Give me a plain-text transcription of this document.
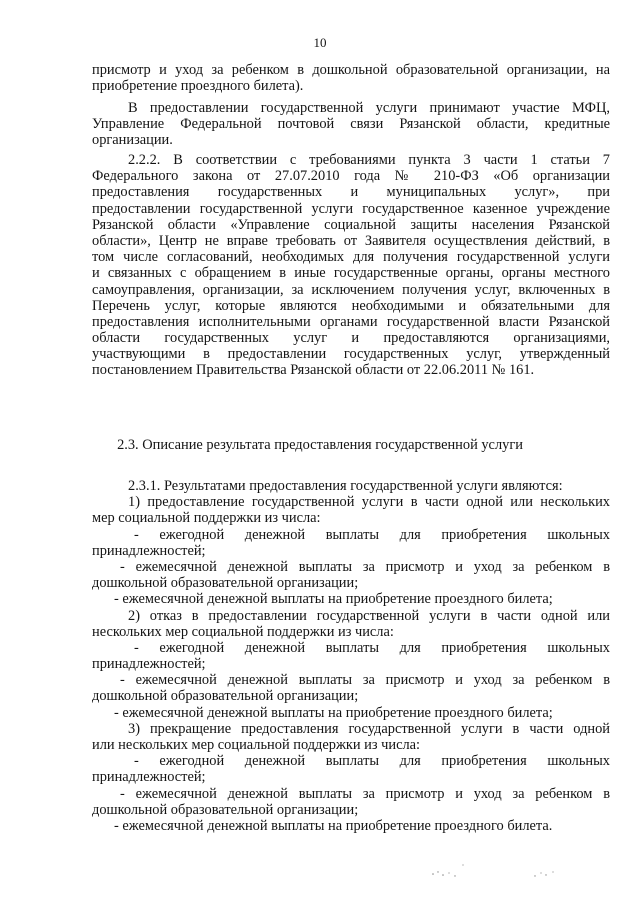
10
присмотр и уход за ребенком в дошкольной образовательной организации, на
приобретение проездного билета).
В предоставлении государственной услуги принимают участие МФЦ,
Управление Федеральной почтовой связи Рязанской области, кредитные
организации.
2.2.2. В соответствии с требованиями пункта 3 части 1 статьи 7
Федерального закона от 27.07.2010 года № 210-ФЗ «Об организации
предоставления государственных и муниципальных услуг», при
предоставлении государственной услуги государственное казенное учреждение
Рязанской области «Управление социальной защиты населения Рязанской
области», Центр не вправе требовать от Заявителя осуществления действий, в
том числе согласований, необходимых для получения государственной услуги
и связанных с обращением в иные государственные органы, органы местного
самоуправления, организации, за исключением получения услуг, включенных в
Перечень услуг, которые являются необходимыми и обязательными для
предоставления исполнительными органами государственной власти Рязанской
области государственных услуг и предоставляются организациями,
участвующими в предоставлении государственных услуг, утвержденный
постановлением Правительства Рязанской области от 22.06.2011 № 161.
2.3. Описание результата предоставления государственной услуги
2.3.1. Результатами предоставления государственной услуги являются:
1) предоставление государственной услуги в части одной или нескольких
мер социальной поддержки из числа:
- ежегодной денежной выплаты для приобретения школьных
принадлежностей;
- ежемесячной денежной выплаты за присмотр и уход за ребенком в
дошкольной образовательной организации;
- ежемесячной денежной выплаты на приобретение проездного билета;
2) отказ в предоставлении государственной услуги в части одной или
нескольких мер социальной поддержки из числа:
- ежегодной денежной выплаты для приобретения школьных
принадлежностей;
- ежемесячной денежной выплаты за присмотр и уход за ребенком в
дошкольной образовательной организации;
- ежемесячной денежной выплаты на приобретение проездного билета;
3) прекращение предоставления государственной услуги в части одной
или нескольких мер социальной поддержки из числа:
- ежегодной денежной выплаты для приобретения школьных
принадлежностей;
- ежемесячной денежной выплаты за присмотр и уход за ребенком в
дошкольной образовательной организации;
- ежемесячной денежной выплаты на приобретение проездного билета.
